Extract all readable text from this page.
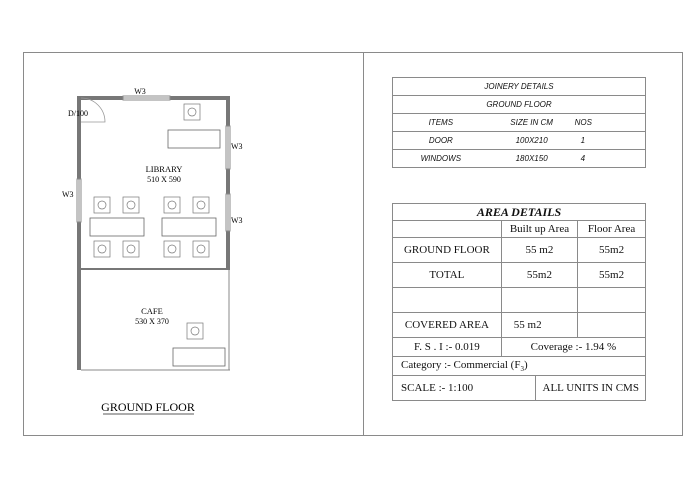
W3
D/100
W3
W3
W3
LIBRARY
510 X 590
CAFE
530 X 370
GROUND FLOOR
JOINERY DETAILS		
GROUND FLOOR		
ITEMS	SIZE IN CM	NOS
DOOR	100X210	1
WINDOWS	180X150	4
AREA DETAILS			
	Built up Area		Floor Area
GROUND FLOOR	55 m2		55m2
TOTAL	55m2		55m2

COVERED AREA	55 m2		
F. S . I :- 0.019	Coverage :- 1.94 %		
Category :- Commercial $(F_3)$			
SCALE :- 1:100		ALL UNITS IN CMS	
